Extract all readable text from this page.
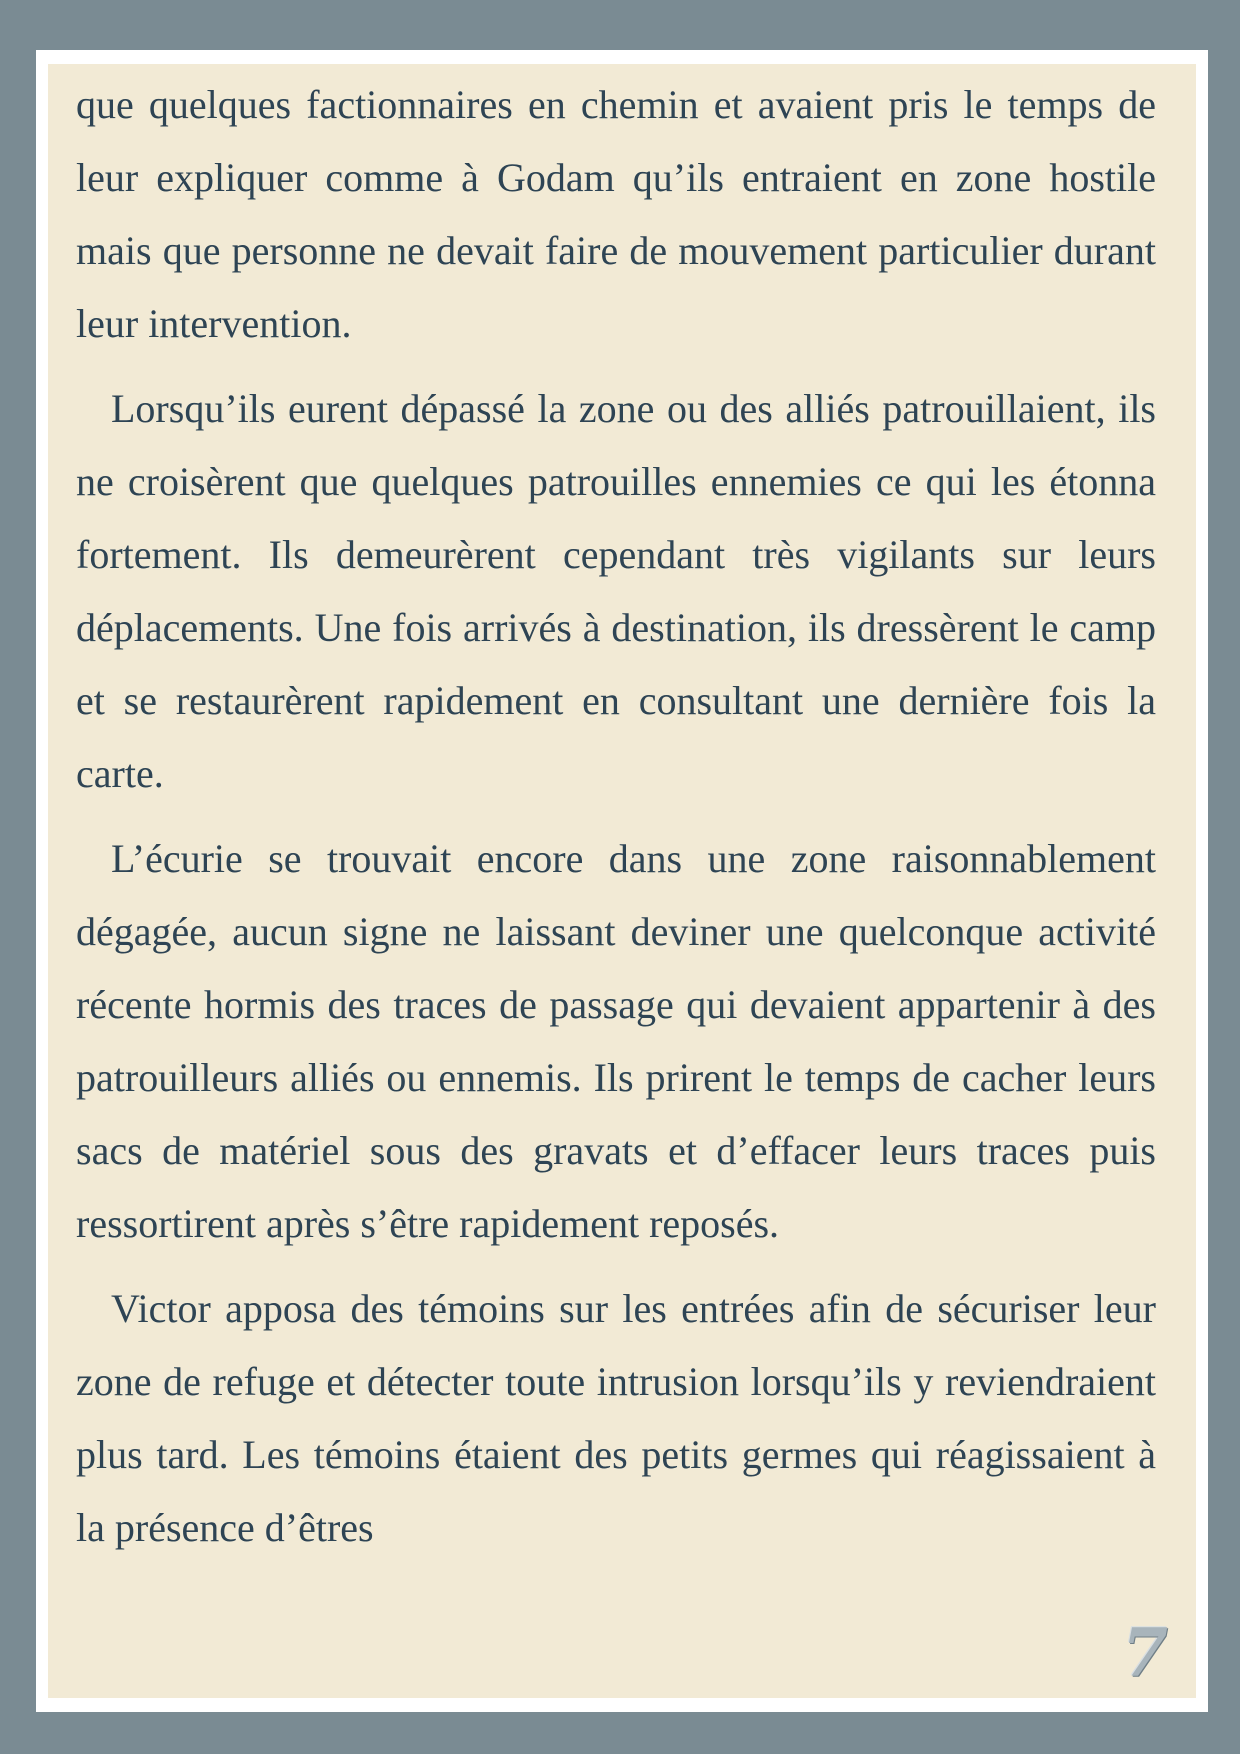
que quelques factionnaires en chemin et avaient pris le temps de leur expliquer comme à Godam qu’ils entraient en zone hostile mais que personne ne devait faire de mouvement particulier durant leur intervention.

Lorsqu’ils eurent dépassé la zone ou des alliés patrouillaient, ils ne croisèrent que quelques patrouilles ennemies ce qui les étonna fortement. Ils demeurèrent cependant très vigilants sur leurs déplacements. Une fois arrivés à destination, ils dressèrent le camp et se restaurèrent rapidement en consultant une dernière fois la carte.

L’écurie se trouvait encore dans une zone raisonnablement dégagée, aucun signe ne laissant deviner une quelconque activité récente hormis des traces de passage qui devaient appartenir à des patrouilleurs alliés ou ennemis. Ils prirent le temps de cacher leurs sacs de matériel sous des gravats et d’effacer leurs traces puis ressortirent après s’être rapidement reposés.

Victor apposa des témoins sur les entrées afin de sécuriser leur zone de refuge et détecter toute intrusion lorsqu’ils y reviendraient plus tard. Les témoins étaient des petits germes qui réagissaient à la présence d’êtres

7
